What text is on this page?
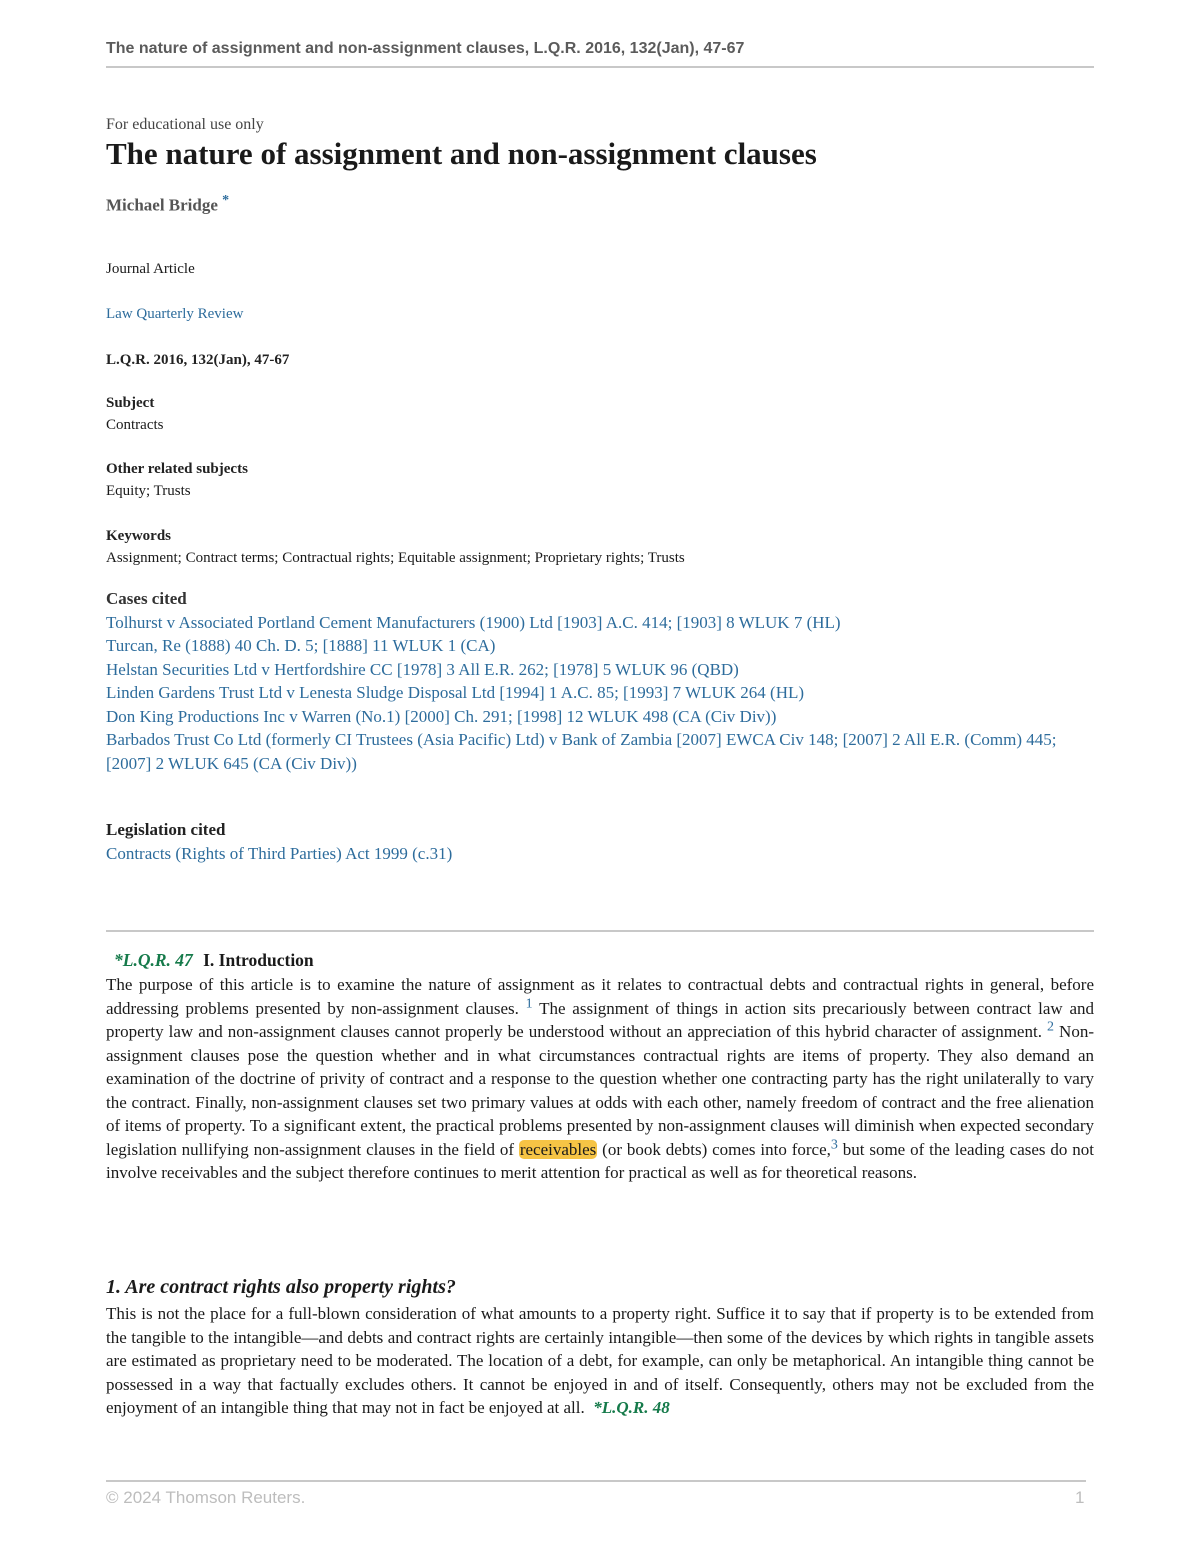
The nature of assignment and non-assignment clauses, L.Q.R. 2016, 132(Jan), 47-67
For educational use only
The nature of assignment and non-assignment clauses
Michael Bridge *
Journal Article
Law Quarterly Review
L.Q.R. 2016, 132(Jan), 47-67
Subject
Contracts
Other related subjects
Equity; Trusts
Keywords
Assignment; Contract terms; Contractual rights; Equitable assignment; Proprietary rights; Trusts
Cases cited
Tolhurst v Associated Portland Cement Manufacturers (1900) Ltd [1903] A.C. 414; [1903] 8 WLUK 7 (HL)
Turcan, Re (1888) 40 Ch. D. 5; [1888] 11 WLUK 1 (CA)
Helstan Securities Ltd v Hertfordshire CC [1978] 3 All E.R. 262; [1978] 5 WLUK 96 (QBD)
Linden Gardens Trust Ltd v Lenesta Sludge Disposal Ltd [1994] 1 A.C. 85; [1993] 7 WLUK 264 (HL)
Don King Productions Inc v Warren (No.1) [2000] Ch. 291; [1998] 12 WLUK 498 (CA (Civ Div))
Barbados Trust Co Ltd (formerly CI Trustees (Asia Pacific) Ltd) v Bank of Zambia [2007] EWCA Civ 148; [2007] 2 All E.R. (Comm) 445; [2007] 2 WLUK 645 (CA (Civ Div))
Legislation cited
Contracts (Rights of Third Parties) Act 1999 (c.31)
*L.Q.R. 47 I. Introduction

The purpose of this article is to examine the nature of assignment as it relates to contractual debts and contractual rights in general, before addressing problems presented by non-assignment clauses. $^1$ The assignment of things in action sits precariously between contract law and property law and non-assignment clauses cannot properly be understood without an appreciation of this hybrid character of assignment. $^2$ Non-assignment clauses pose the question whether and in what circumstances contractual rights are items of property. They also demand an examination of the doctrine of privity of contract and a response to the question whether one contracting party has the right unilaterally to vary the contract. Finally, non-assignment clauses set two primary values at odds with each other, namely freedom of contract and the free alienation of items of property. To a significant extent, the practical problems presented by non-assignment clauses will diminish when expected secondary legislation nullifying non-assignment clauses in the field of receivables (or book debts) comes into force,$^3$ but some of the leading cases do not involve receivables and the subject therefore continues to merit attention for practical as well as for theoretical reasons.

1. Are contract rights also property rights?

This is not the place for a full-blown consideration of what amounts to a property right. Suffice it to say that if property is to be extended from the tangible to the intangible—and debts and contract rights are certainly intangible—then some of the devices by which rights in tangible assets are estimated as proprietary need to be moderated. The location of a debt, for example, can only be metaphorical. An intangible thing cannot be possessed in a way that factually excludes others. It cannot be enjoyed in and of itself. Consequently, others may not be excluded from the enjoyment of an intangible thing that may not in fact be enjoyed at all. *L.Q.R. 48

© 2024 Thomson Reuters.	1
